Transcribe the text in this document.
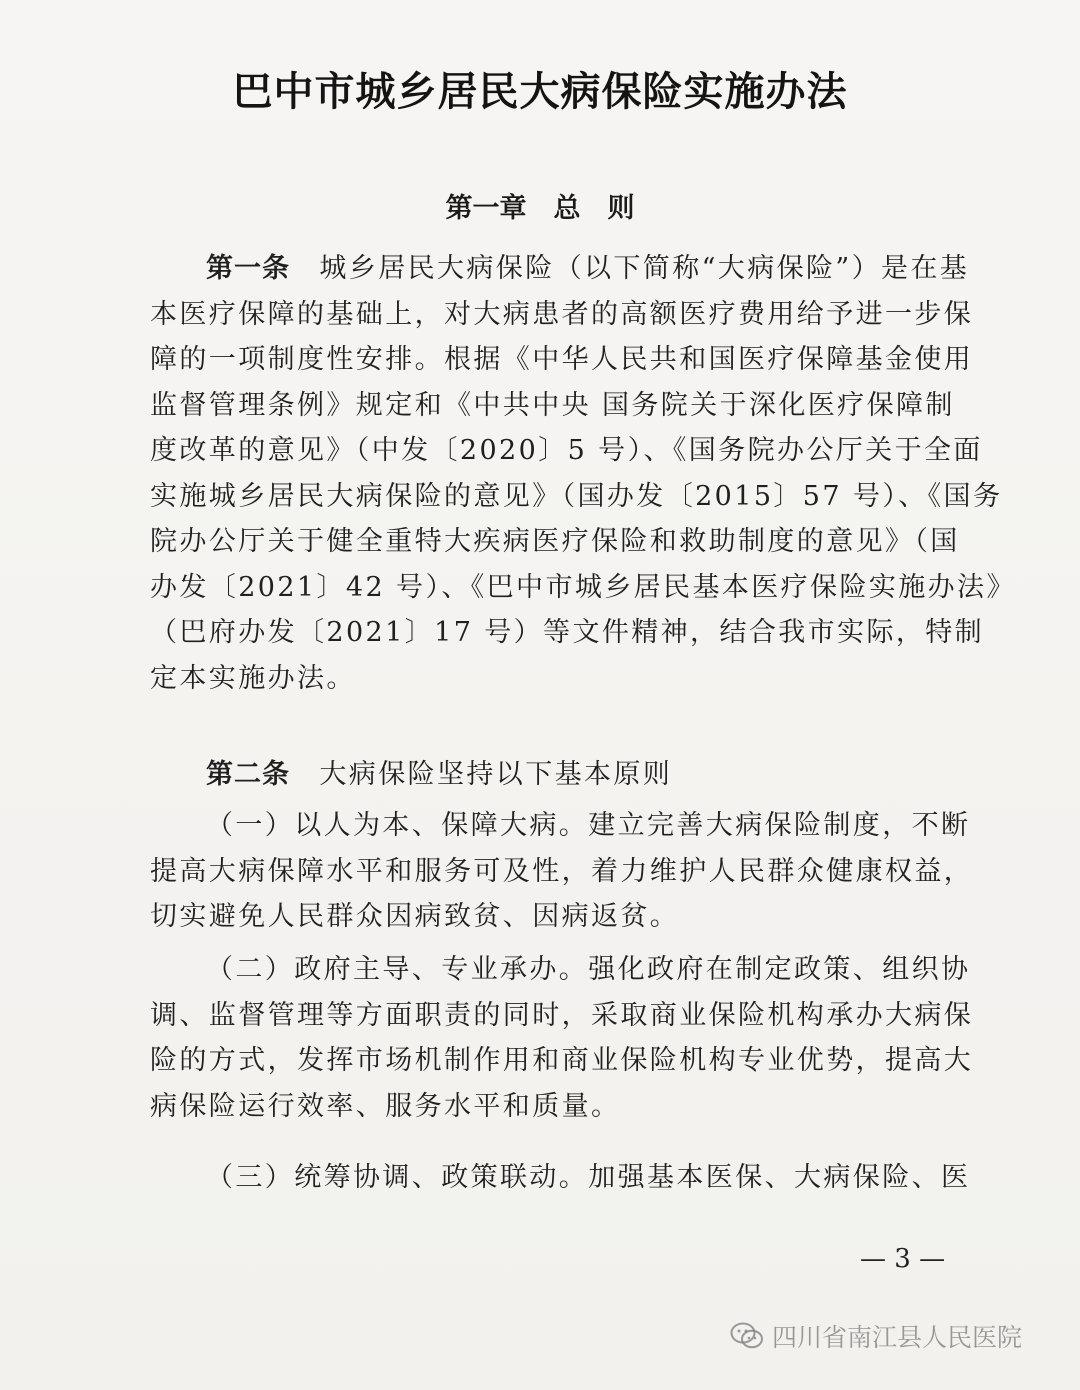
巴中市城乡居民大病保险实施办法
第一章　总　则
第一条　 城乡居民大病保险（以下简称“大病保险”）是在基
本医疗保障的基础上，对大病患者的高额医疗费用给予进一步保
障的一项制度性安排。根据《中华人民共和国医疗保障基金使用
监督管理条例》规定和《中共中央 国务院关于深化医疗保障制
度改革的意见》（中发〔2020〕5 号）、《国务院办公厅关于全面
实施城乡居民大病保险的意见》（国办发〔2015〕57 号）、《国务
院办公厅关于健全重特大疾病医疗保险和救助制度的意见》（国
办发〔2021〕42 号）、《巴中市城乡居民基本医疗保险实施办法》
（巴府办发〔2021〕17 号）等文件精神，结合我市实际，特制
定本实施办法。
第二条　 大病保险坚持以下基本原则
（一）以人为本、保障大病。建立完善大病保险制度，不断
提高大病保障水平和服务可及性，着力维护人民群众健康权益，
切实避免人民群众因病致贫、因病返贫。
（二）政府主导、专业承办。强化政府在制定政策、组织协
调、监督管理等方面职责的同时，采取商业保险机构承办大病保
险的方式，发挥市场机制作用和商业保险机构专业优势，提高大
病保险运行效率、服务水平和质量。
（三）统筹协调、政策联动。加强基本医保、大病保险、医
— 3 —
四川省南江县人民医院
